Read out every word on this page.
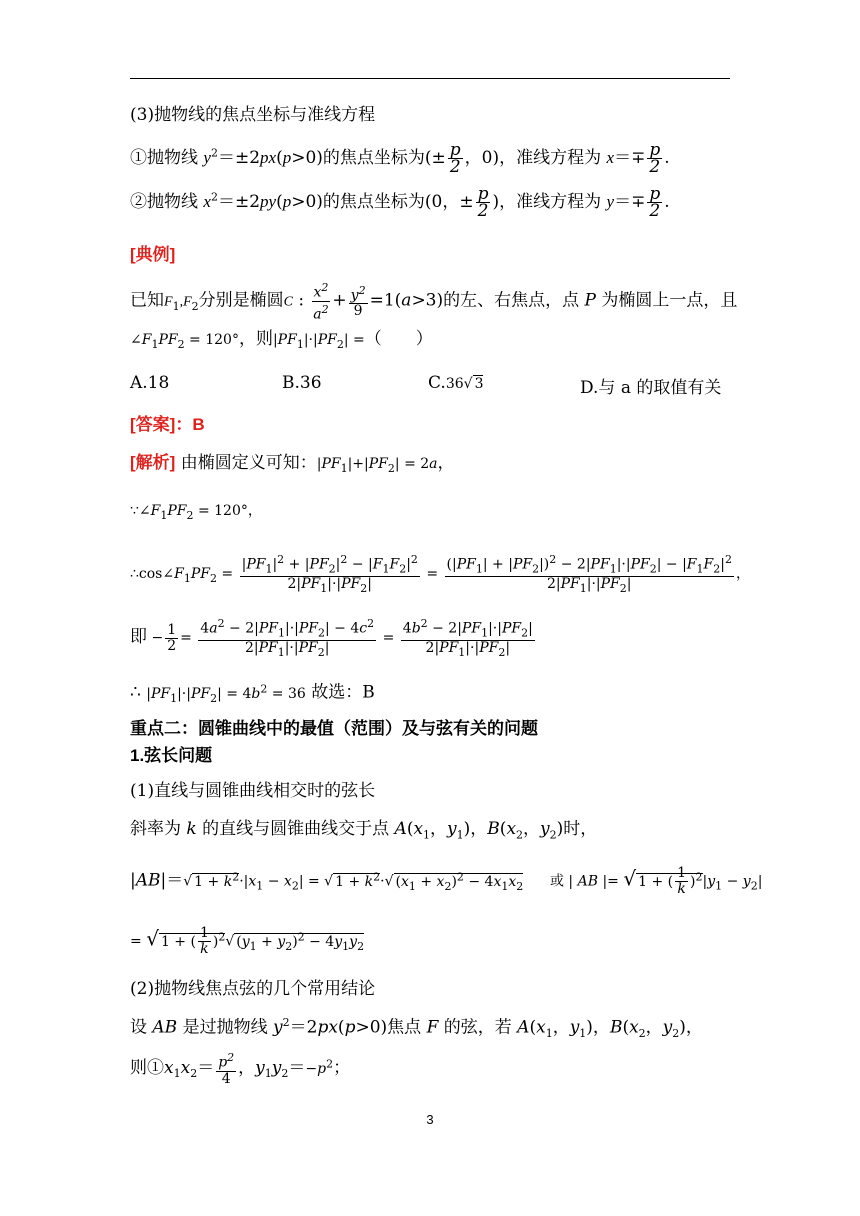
(3)抛物线的焦点坐标与准线方程
①抛物线 $y^2=\pm 2px(p>0)$的焦点坐标为(± $\frac{p}{2}$ ，0)，准线方程为 $x=\mp \frac{p}{2}$ .
②抛物线 $x^2=\pm 2py(p>0)$的焦点坐标为(0，± $\frac{p}{2}$ )，准线方程为 $y=\mp \frac{p}{2}$ .
[典例]
已知$F_1,F_2$分别是椭圆C : $\frac{x^2}{a^2} + \frac{y^2}{9} =1(a>3)$的左、右焦点，点 P 为椭圆上一点，且
$\angle F_1PF_2 = 120^\circ$，则$|PF_1|\cdot|PF_2|$ =（　　）
A.18	B.36	C.36√ 3	D.与 a 的取值有关
[答案]：B
[解析] 由椭圆定义可知：$|PF_1|+|PF_2| = 2a$，
$\because\angle F_1PF_2 = 120^\circ$，
$\therefore\cos\angle F_1PF_2 = \frac{|PF_1|^2 + |PF_2|^2 - |F_1F_2|^2}{2|PF_1|\cdot|PF_2|} = \frac{(|PF_1| + |PF_2|)^2 - 2|PF_1|\cdot|PF_2| - |F_1F_2|^2}{2|PF_1|\cdot|PF_2|}$ ，
即 − $\frac{1}{2} = \frac{4a^2 - 2|PF_1|\cdot|PF_2| - 4c^2}{2|PF_1|\cdot|PF_2|} = \frac{4b^2 - 2|PF_1|\cdot|PF_2|}{2|PF_1|\cdot|PF_2|}$
∴ $|PF_1|\cdot|PF_2| = 4b^2 = 36$ 故选：B
重点二：圆锥曲线中的最值（范围）及与弦有关的问题
1.弦长问题
(1)直线与圆锥曲线相交时的弦长
斜率为 k 的直线与圆锥曲线交于点 $A(x_1$，$y_1$)，$B(x_2$，$y_2$)时，
|AB|＝√ $1 + k^2\cdot|x_1 - x_2|$ = √ $1 + k^2\cdot√$ $(x_1 + x_2)^2 - 4x_1x_2$      或 | AB |= √ 1 + ( $\frac{1}{k} )^2|y_1 - y_2|$
= √ 1 + ( $\frac{1}{k} )^2√$ $(y_1 + y_2)^2 - 4y_1y_2$
(2)抛物线焦点弦的几个常用结论
设 AB 是过抛物线 $y^2=2px(p>0)$焦点 F 的弦，若 $A(x_1$，$y_1$)，$B(x_2$，$y_2$)，
则$①x_1x_2= \frac{p^2}{4}$ ，$y_1y_2=-p^2$；
3
